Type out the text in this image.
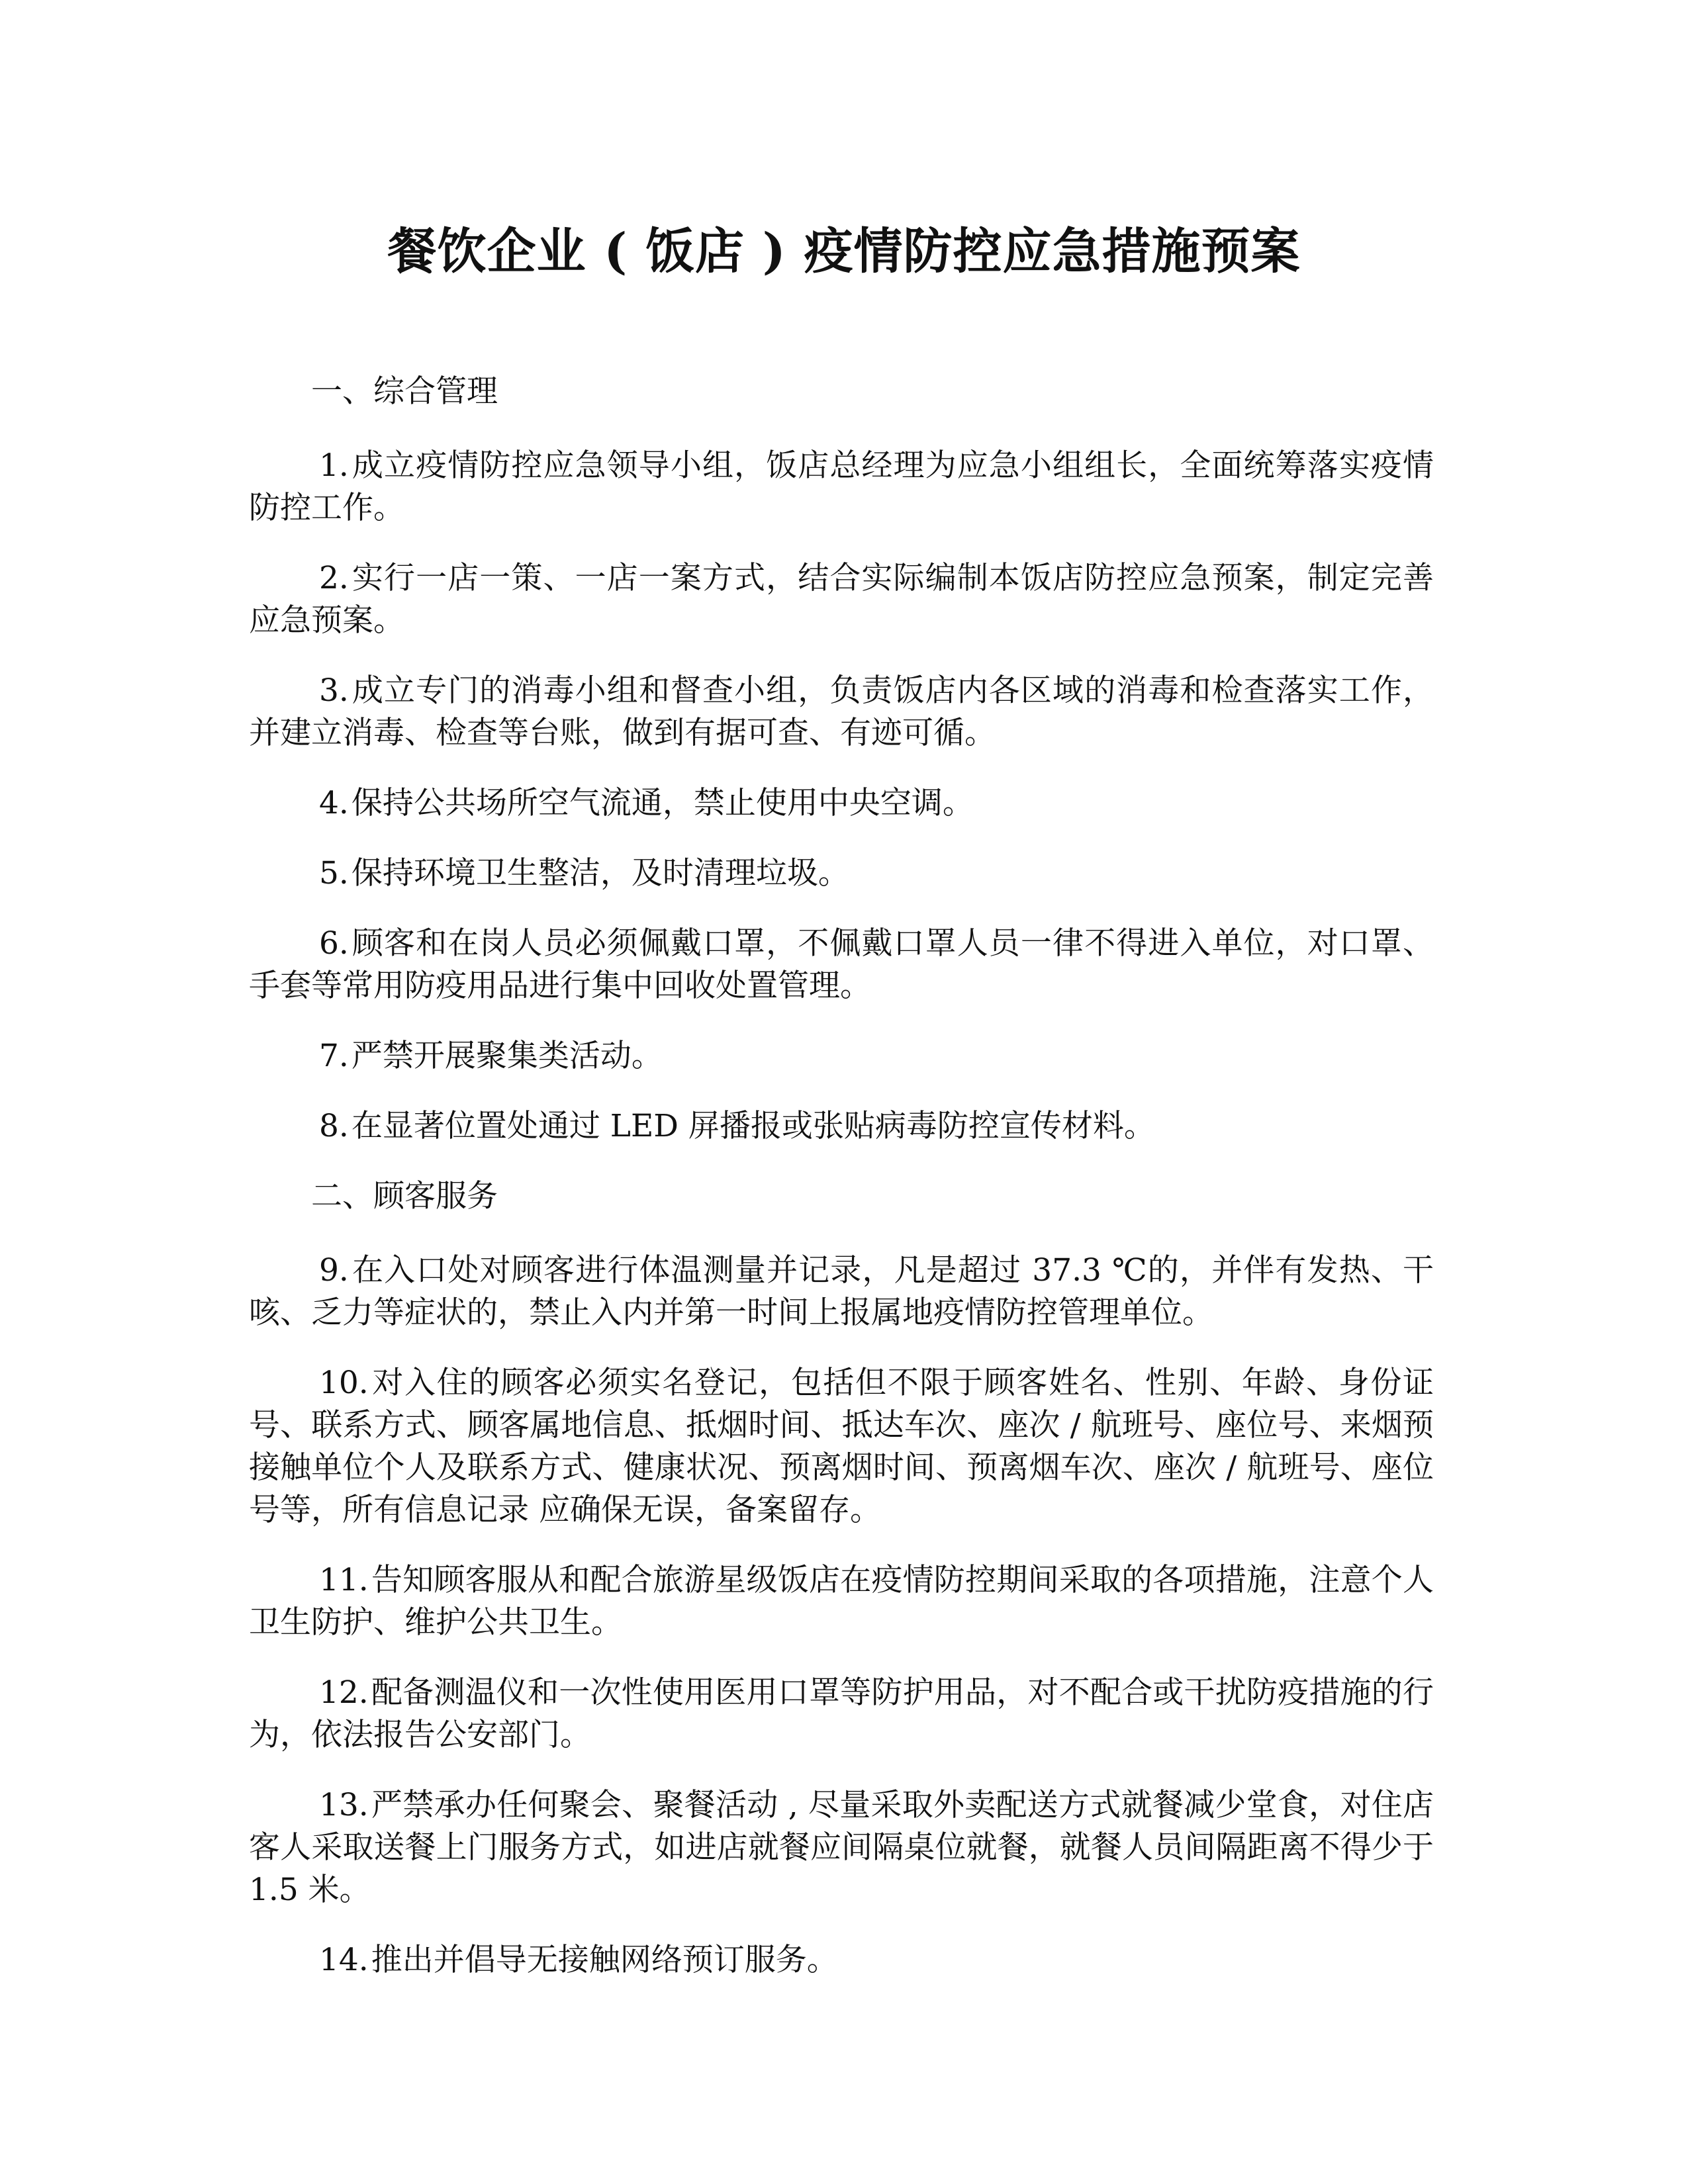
餐饮企业 ( 饭店 ) 疫情防控应急措施预案
一、综合管理

1.成立疫情防控应急领导小组，饭店总经理为应急小组组长，全面统筹落实疫情防控工作。

2.实行一店一策、一店一案方式，结合实际编制本饭店防控应急预案，制定完善应急预案。

3.成立专门的消毒小组和督查小组，负责饭店内各区域的消毒和检查落实工作，并建立消毒、检查等台账，做到有据可查、有迹可循。

4.保持公共场所空气流通，禁止使用中央空调。

5.保持环境卫生整洁，及时清理垃圾。

6.顾客和在岗人员必须佩戴口罩，不佩戴口罩人员一律不得进入单位，对口罩、手套等常用防疫用品进行集中回收处置管理。

7.严禁开展聚集类活动。

8.在显著位置处通过 LED 屏播报或张贴病毒防控宣传材料。

二、顾客服务

9.在入口处对顾客进行体温测量并记录，凡是超过 37.3 ℃的，并伴有发热、干咳、乏力等症状的，禁止入内并第一时间上报属地疫情防控管理单位。

10.对入住的顾客必须实名登记，包括但不限于顾客姓名、性别、年龄、身份证号、联系方式、顾客属地信息、抵烟时间、抵达车次、座次 / 航班号、座位号、来烟预接触单位个人及联系方式、健康状况、预离烟时间、预离烟车次、座次 / 航班号、座位号等，所有信息记录 应确保无误，备案留存。

11.告知顾客服从和配合旅游星级饭店在疫情防控期间采取的各项措施，注意个人卫生防护、维护公共卫生。

12.配备测温仪和一次性使用医用口罩等防护用品，对不配合或干扰防疫措施的行为，依法报告公安部门。

13.严禁承办任何聚会、聚餐活动 , 尽量采取外卖配送方式就餐减少堂食，对住店客人采取送餐上门服务方式，如进店就餐应间隔桌位就餐，就餐人员间隔距离不得少于 1.5 米。

14.推出并倡导无接触网络预订服务。
